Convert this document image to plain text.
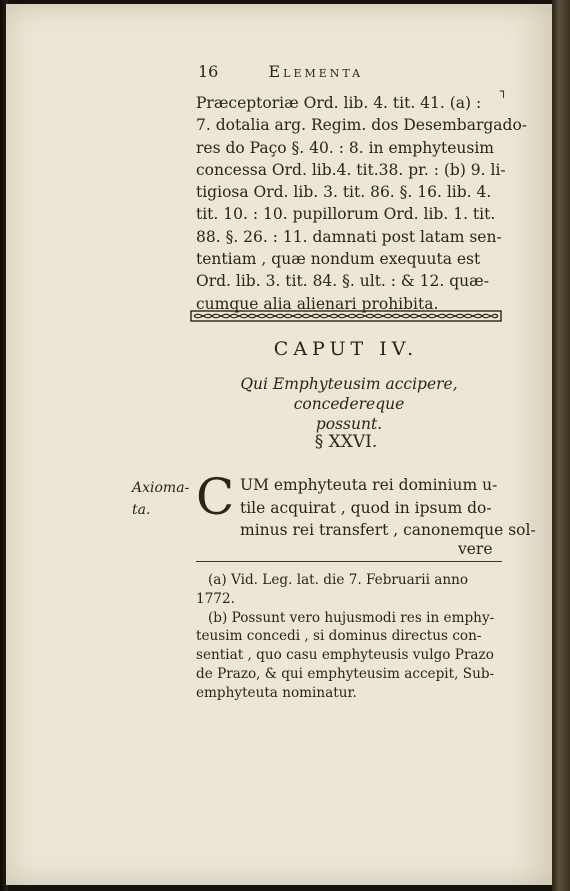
16	Elementa
┐
Præceptoriæ Ord. lib. 4. tit. 41. (a) :
7. dotalia arg. Regim. dos Desembargado-
res do Paço §. 40. : 8. in emphyteusim
concessa Ord. lib.4. tit.38. pr. : (b) 9. li-
tigiosa Ord. lib. 3. tit. 86. §. 16. lib. 4.
tit. 10. : 10. pupillorum Ord. lib. 1. tit.
88. §. 26. : 11. damnati post latam sen-
tentiam , quæ nondum exequuta est
Ord. lib. 3. tit. 84. §. ult. : & 12. quæ-
cumque alia alienari prohibita.
CAPUT IV.
Qui Emphyteusim accipere, concedereque
possunt.
§ XXVI.
Axioma-
ta. C UM emphyteuta rei dominium u-
tile acquirat , quod in ipsum do-
minus rei transfert , canonemque sol-
vere
(a) Vid. Leg. lat. die 7. Februarii anno
1772.
(b) Possunt vero hujusmodi res in emphy-
teusim concedi , si dominus directus con-
sentiat , quo casu emphyteusis vulgo Prazo
de Prazo, & qui emphyteusim accepit, Sub-
emphyteuta nominatur.
